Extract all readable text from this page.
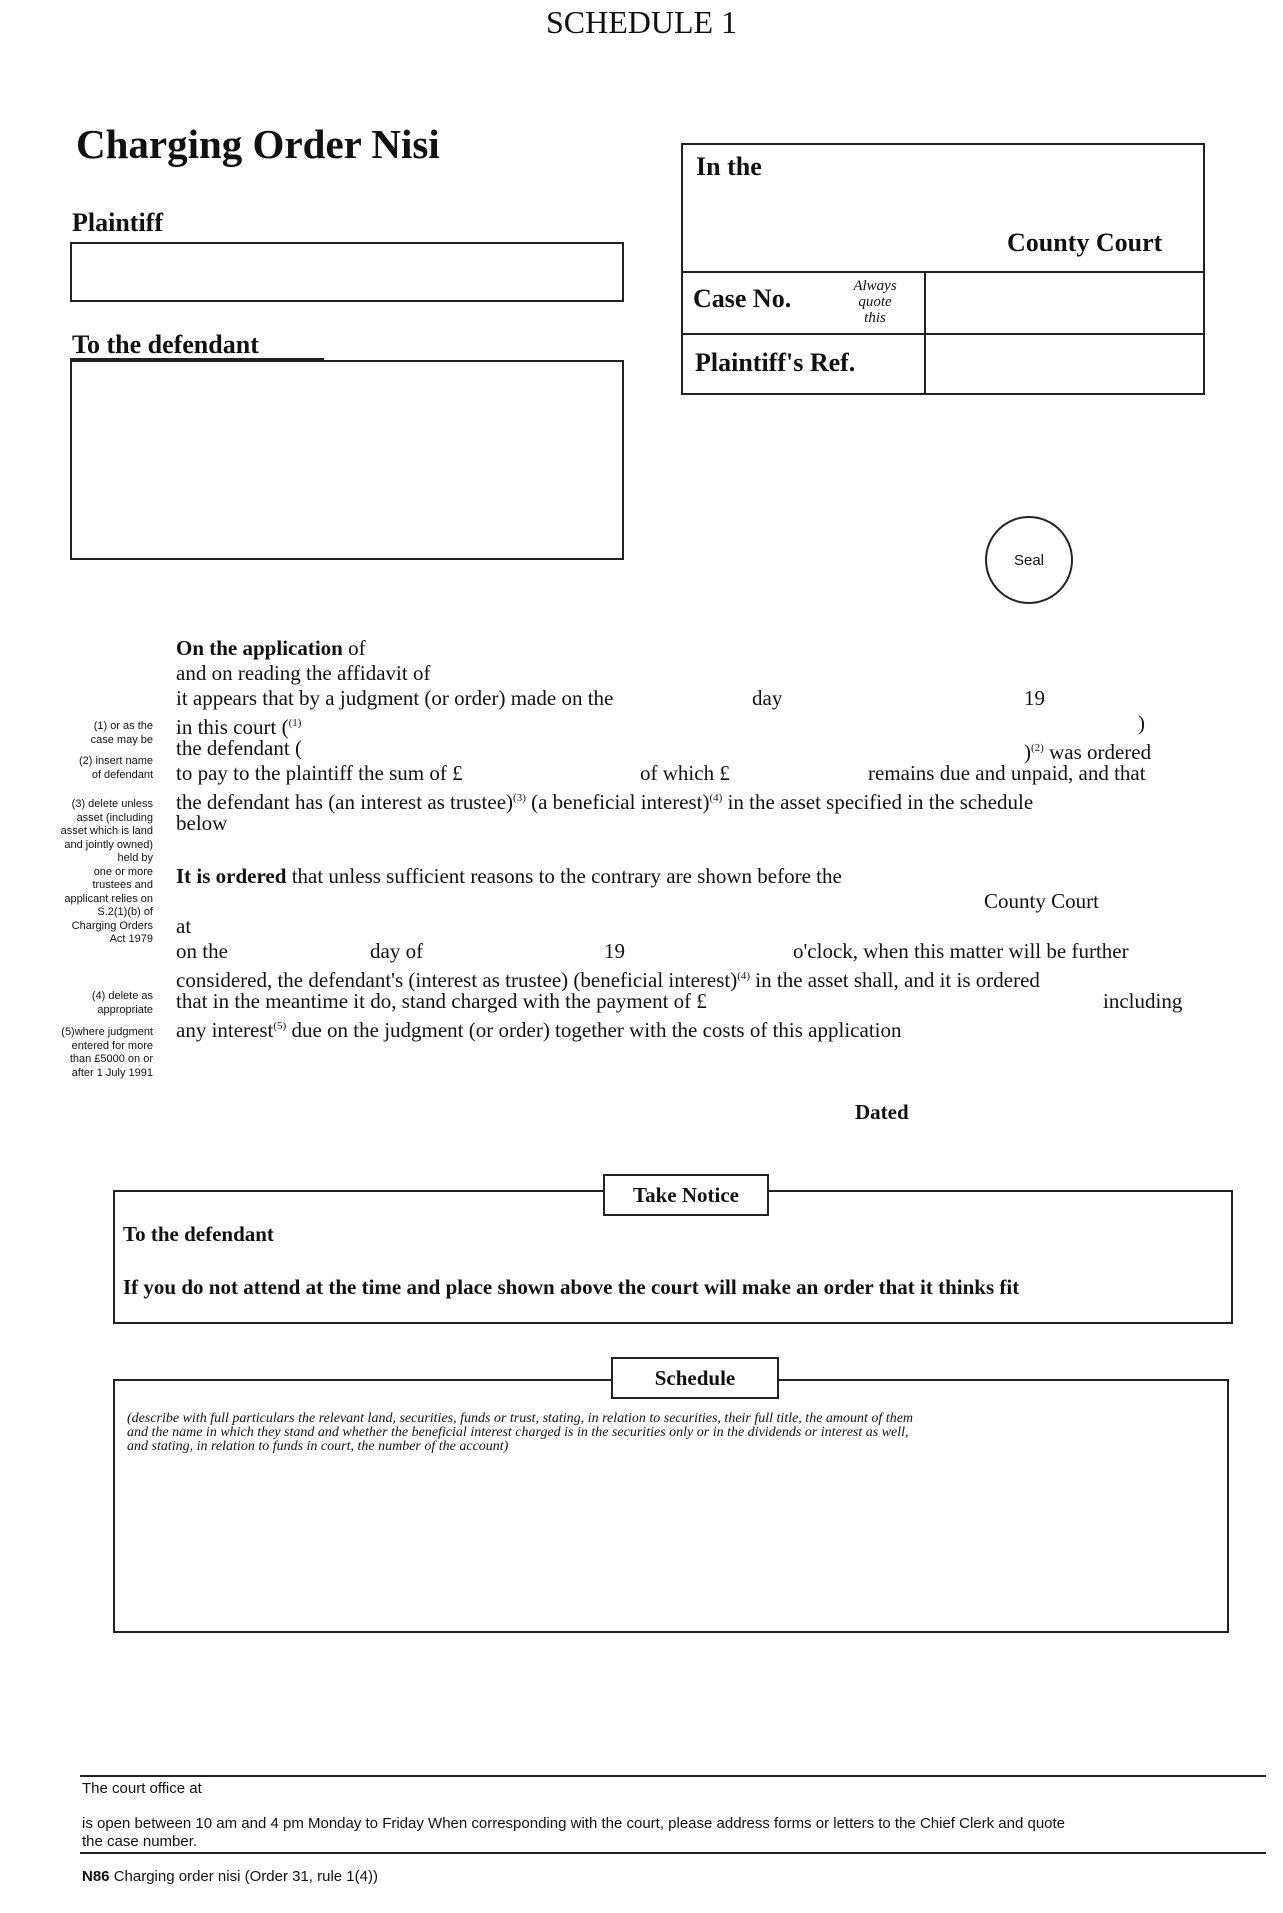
SCHEDULE 1
Charging Order Nisi
Plaintiff
To the defendant
In the
County Court
Case No.	Always
quote
this
Plaintiff's Ref.
Seal
(1) or as the
case may be
(2) insert name
of defendant
(3) delete unless
asset (including
asset which is land
and jointly owned)
held by
one or more
trustees and
applicant relies on
S.2(1)(b) of
Charging Orders
Act 1979
(4) delete as
appropriate
(5)where judgment
entered for more
than £5000 on or
after 1 July 1991
On the application of
and on reading the affidavit of
it appears that by a judgment (or order) made on the	day	19
in this court ($^{(1)}$	)
the defendant (	)$^{(2)}$ was ordered
to pay to the plaintiff the sum of £	of which £	remains due and unpaid, and that
the defendant has (an interest as trustee)$^{(3)}$ (a beneficial interest)$^{(4)}$ in the asset specified in the schedule
below
It is ordered that unless sufficient reasons to the contrary are shown before the
County Court
at
on the	day of	19	o'clock, when this matter will be further
considered, the defendant's (interest as trustee) (beneficial interest)$^{(4)}$ in the asset shall, and it is ordered
that in the meantime it do, stand charged with the payment of £	including
any interest$^{(5)}$ due on the judgment (or order) together with the costs of this application
Dated
Take Notice
To the defendant
If you do not attend at the time and place shown above the court will make an order that it thinks fit
Schedule
(describe with full particulars the relevant land, securities, funds or trust, stating, in relation to securities, their full title, the amount of them
and the name in which they stand and whether the beneficial interest charged is in the securities only or in the dividends or interest as well,
and stating, in relation to funds in court, the number of the account)
The court office at
is open between 10 am and 4 pm Monday to Friday When corresponding with the court, please address forms or letters to the Chief Clerk and quote
the case number.
N86 Charging order nisi (Order 31, rule 1(4))
